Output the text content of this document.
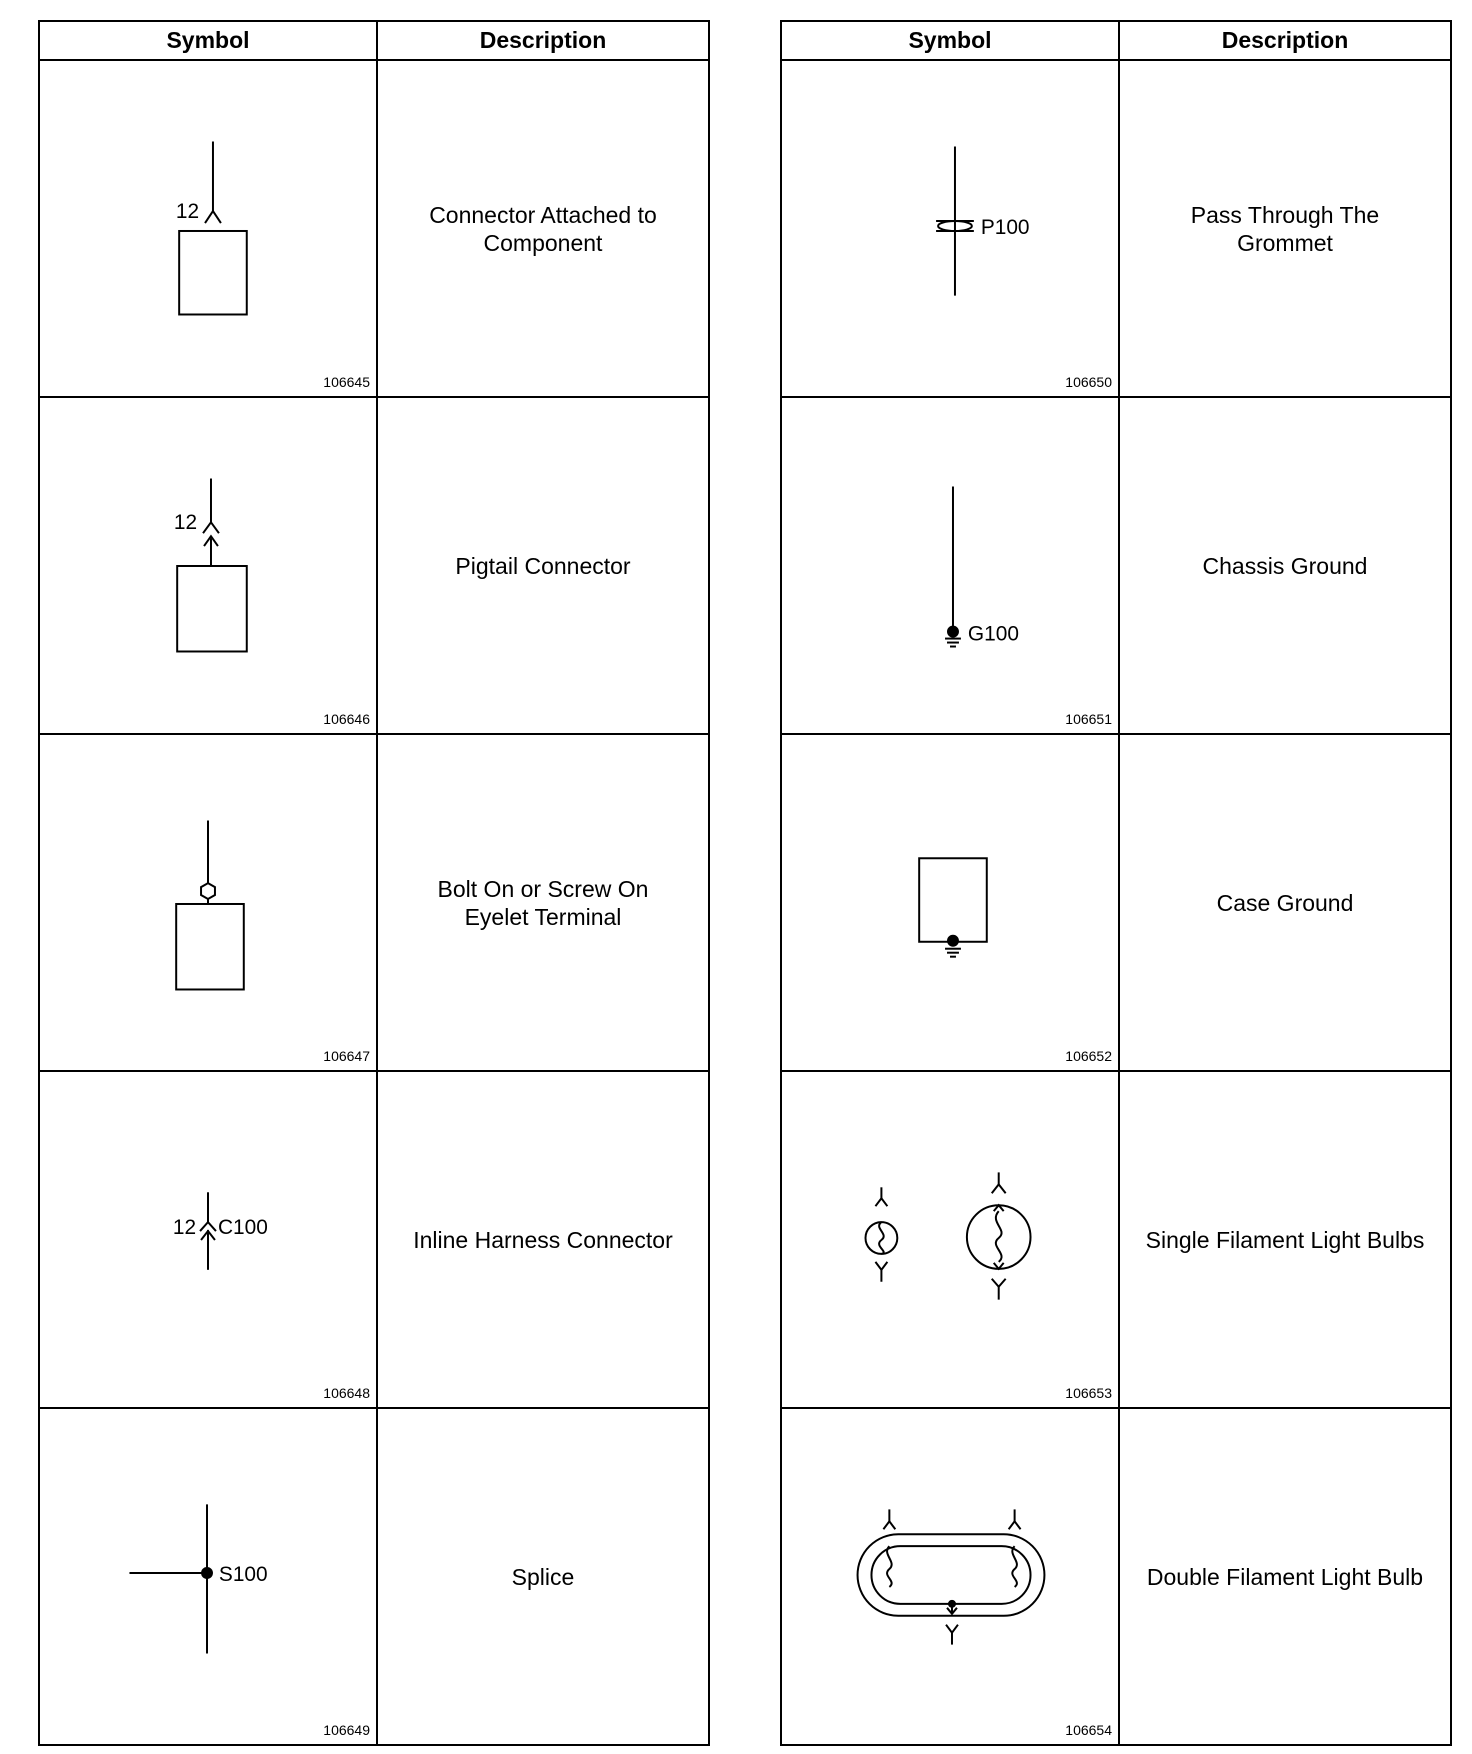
Symbol	Description

12
106645	Connector Attached to
Component

12
106646	Pigtail Connector

106647	Bolt On or Screw On
Eyelet Terminal

12 C100
106648	Inline Harness Connector

S100
106649	Splice
Symbol	Description

P100
106650	Pass Through The
Grommet

G100
106651	Chassis Ground

106652	Case Ground

106653	Single Filament Light Bulbs

106654	Double Filament Light Bulb
